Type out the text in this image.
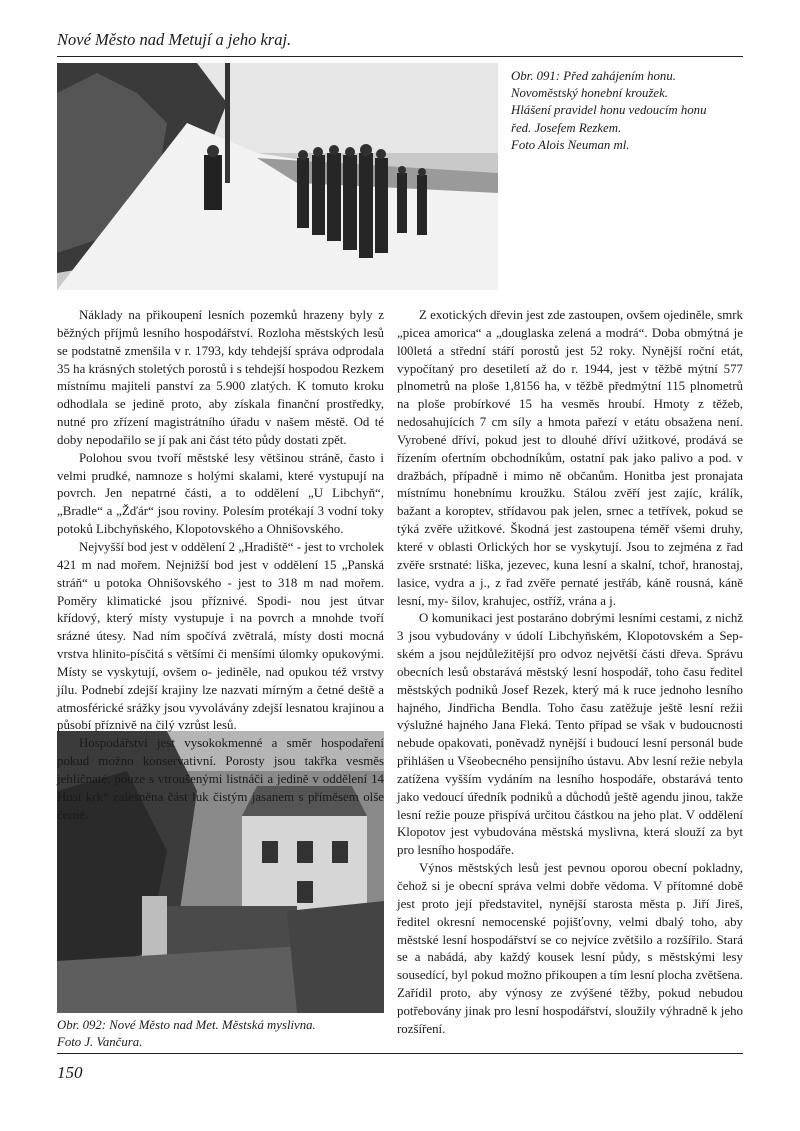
Nové Město nad Metují a jeho kraj.
Obr. 091: Před zahájením honu.
Novoměstský honební kroužek.
Hlášení pravidel honu vedoucím honu
řed. Josefem Rezkem.
Foto Alois Neuman ml.
Obr. 092: Nové Město nad Met. Městská myslivna.
Foto J. Vančura.

Náklady na přikoupení lesních pozemků hrazeny byly z běžných příjmů lesního hospodářství. Rozloha městských lesů se podstatně zmenšila v r. 1793, kdy tehdejší správa odprodala 35 ha krásných stoletých porostů i s tehdejší hospodou Rezkem místnímu majiteli panství za 5.900 zlatých. K tomuto kroku odhodlala se jedině proto, aby získala finanční prostředky, nutné pro zřízení magistrátního úřadu v našem městě. Od té doby nepodařilo se jí pak ani část této půdy dostati zpět.

Polohou svou tvoří městské lesy většinou stráně, často i velmi prudké, namnoze s holými skalami, které vystupují na povrch. Jen nepatrné části, a to oddělení „U Libchyň“, „Bradle“ a „Žďár“ jsou roviny. Polesím protékají 3 vodní toky potoků Libchyňského, Klopotovského a Ohnišovského.

Nejvyšší bod jest v oddělení 2 „Hradiště“ - jest to vrcholek 421 m nad mořem. Nejnižší bod jest v oddělení 15 „Panská stráň“ u potoka Ohnišovského - jest to 318 m nad mořem. Poměry klimatické jsou příznivé. Spodi- nou jest útvar křídový, který místy vystupuje i na povrch a mnohde tvoří srázné útesy. Nad ním spočívá zvětralá, místy dosti mocná vrstva hlinito-písčitá s většími či menšími úlomky opukovými. Místy se vyskytují, ovšem o- jediněle, nad opukou též vrstvy jílu. Podnebí zdejší krajiny lze nazvati mírným a četné deště a atmosférické srážky jsou vyvolávány zdejší lesnatou krajinou a působí příznivě na čilý vzrůst lesů.

Hospodářství jest vysokokmenné a směr hospodaření pokud možno konservativní. Porosty jsou takřka vesměs jehličnaté, pouze s vtroušenými listnáči a jedině v oddělení 14 Husí krk“ zalesněna část luk čistým jasanem s příměsem olše černé.

Z exotických dřevin jest zde zastoupen, ovšem ojediněle, smrk „picea amorica“ a „douglaska zelená a modrá“. Doba obmýtná je l00letá a střední stáří porostů jest 52 roky. Nynější roční etát, vypočítaný pro desetiletí až do r. 1944, jest v těžbě mýtní 577 plnometrů na ploše 1,8156 ha, v těžbě předmýtní 115 plnometrů na ploše probírkové 15 ha vesměs hroubí. Hmoty z těžeb, nedosahujících 7 cm síly a hmota pařezí v etátu obsažena není. Vyrobené dříví, pokud jest to dlouhé dříví užitkové, prodává se řízením ofertním obchodníkům, ostatní pak jako palivo a pod. v dražbách, případně i mimo ně občanům. Honitba jest pronajata místnímu honebnímu kroužku. Stálou zvěří jest zajíc, králík, bažant a koroptev, střídavou pak jelen, srnec a tetřívek, pokud se týká zvěře užitkové. Škodná jest zastoupena téměř všemi druhy, které v oblasti Orlických hor se vyskytují. Jsou to zejména z řad zvěře srstnaté: liška, jezevec, kuna lesní a skalní, tchoř, hranostaj, lasice, vydra a j., z řad zvěře pernaté jestřáb, káně rousná, káně lesní, my- šilov, krahujec, ostříž, vrána a j.

O komunikaci jest postaráno dobrými lesními cestami, z nichž 3 jsou vybudovány v údolí Libchyňském, Klopotovském a Sep- ském a jsou nejdůležitější pro odvoz největší části dřeva. Správu obecních lesů obstarává městský lesní hospodář, toho času ředitel městských podniků Josef Rezek, který má k ruce jednoho lesního hajného, Jindřicha Bendla. Toho času zatěžuje ještě lesní režii výslužné hajného Jana Fleká. Tento případ se však v budoucnosti nebude opakovati, poněvadž nynější i budoucí lesní personál bude přihlášen u Všeobecného pensijního ústavu. Abv lesní režie nebyla zatížena vyšším vydáním na lesního hospodáře, obstarává tento jako vedoucí úředník podniků a důchodů ještě agendu jinou, takže lesní režie pouze přispívá určitou částkou na jeho plat. V oddělení Klopotov jest vybudována městská myslivna, která slouží za byt pro lesního hospodáře.

Výnos městských lesů jest pevnou oporou obecní pokladny, čehož si je obecní správa velmi dobře vědoma. V přítomné době jest proto její představitel, nynější starosta města p. Jiří Jireš, ředitel okresní nemocenské pojišťovny, velmi dbalý toho, aby městské lesní hospodářství se co nejvíce zvětšilo a rozšířilo. Stará se a nabádá, aby každý kousek lesní půdy, s městskými lesy sousedící, byl pokud možno přikoupen a tím lesní plocha zvětšena. Zařídil proto, aby výnosy ze zvýšené těžby, pokud nebudou potřebovány jinak pro lesní hospodářství, sloužily výhradně k jeho rozšíření.

150
